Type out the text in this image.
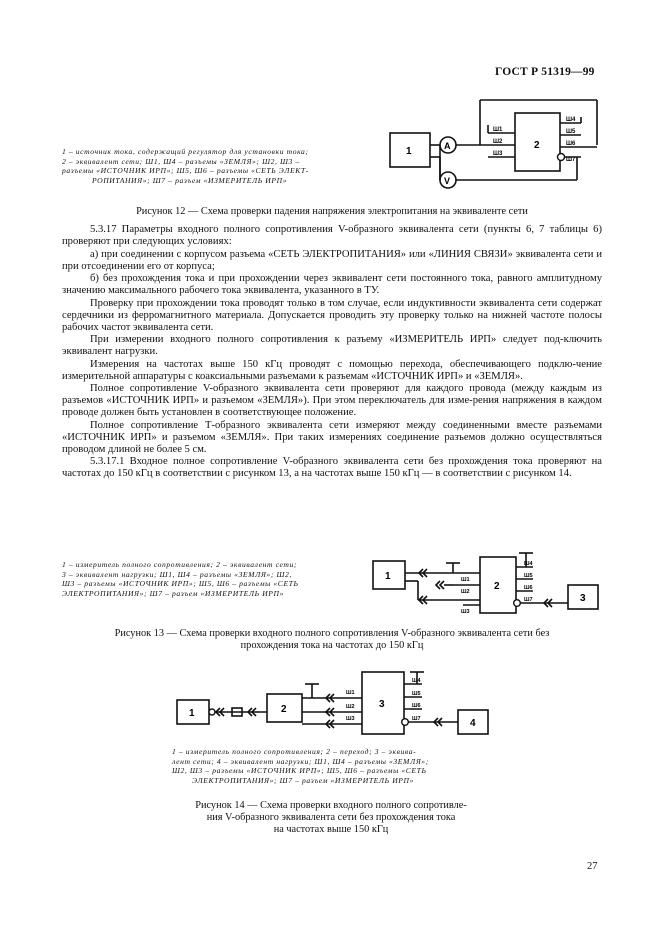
ГОСТ Р 51319—99
1 – источник тока, содержащий регулятор для установки тока;
2 – эквивалент сети; Ш1, Ш4 – разъемы «ЗЕМЛЯ»; Ш2, Ш3 –
разъемы «ИСТОЧНИК ИРП»; Ш5, Ш6 – разъемы «СЕТЬ ЭЛЕКТ-
РОПИТАНИЯ»; Ш7 – разъем «ИЗМЕРИТЕЛЬ ИРП»
1
2
A
V
Ш1
Ш2
Ш3
Ш4
Ш5
Ш6
Ш7
Рисунок 12 — Схема проверки падения напряжения электропитания на эквиваленте сети

5.3.17 Параметры входного полного сопротивления V-образного эквивалента сети (пункты 6, 7 таблицы 6) проверяют при следующих условиях:

а) при соединении с корпусом разъема «СЕТЬ ЭЛЕКТРОПИТАНИЯ» или «ЛИНИЯ СВЯЗИ» эквивалента сети и при отсоединении его от корпуса;

б) без прохождения тока и при прохождении через эквивалент сети постоянного тока, равного амплитудному значению максимального рабочего тока эквивалента, указанного в ТУ.

Проверку при прохождении тока проводят только в том случае, если индуктивности эквивалента сети содержат сердечники из ферромагнитного материала. Допускается проводить эту проверку только на нижней частоте полосы рабочих частот эквивалента сети.

При измерении входного полного сопротивления к разъему «ИЗМЕРИТЕЛЬ ИРП» следует под-ключить эквивалент нагрузки.

Измерения на частотах выше 150 кГц проводят с помощью перехода, обеспечивающего подклю-чение измерительной аппаратуры с коаксиальными разъемами к разъемам «ИСТОЧНИК ИРП» и «ЗЕМЛЯ».

Полное сопротивление V-образного эквивалента сети проверяют для каждого провода (между каждым из разъемов «ИСТОЧНИК ИРП» и разъемом «ЗЕМЛЯ»). При этом переключатель для изме-рения напряжения в каждом проводе должен быть установлен в соответствующее положение.

Полное сопротивление Т-образного эквивалента сети измеряют между соединенными вместе разъемами «ИСТОЧНИК ИРП» и разъемом «ЗЕМЛЯ». При таких измерениях соединение разъемов должно осуществляться проводом длиной не более 5 см.

5.3.17.1 Входное полное сопротивление V-образного эквивалента сети без прохождения тока проверяют на частотах до 150 кГц в соответствии с рисунком 13, а на частотах выше 150 кГц — в соответствии с рисунком 14.

1 – измеритель полного сопротивления; 2 – эквивалент сети;
3 – эквивалент нагрузки; Ш1, Ш4 – разъемы «ЗЕМЛЯ»; Ш2,
Ш3 – разъемы «ИСТОЧНИК ИРП»; Ш5, Ш6 – разъемы «СЕТЬ
ЭЛЕКТРОПИТАНИЯ»; Ш7 – разъем «ИЗМЕРИТЕЛЬ ИРП»
1
2
3
Ш1
Ш2
Ш3
Ш4
Ш5
Ш6
Ш7
Рисунок 13 — Схема проверки входного полного сопротивления V-образного эквивалента сети без
прохождения тока на частотах до 150 кГц
1	2	3
4
Ш1
Ш2
Ш3
Ш4
Ш5
Ш6
Ш7
1 – измеритель полного сопротивления; 2 – переход; 3 – эквива-
лент сети; 4 – эквивалент нагрузки; Ш1, Ш4 – разъемы «ЗЕМЛЯ»;
Ш2, Ш3 – разъемы «ИСТОЧНИК ИРП»; Ш5, Ш6 – разъемы «СЕТЬ
ЭЛЕКТРОПИТАНИЯ»; Ш7 – разъем «ИЗМЕРИТЕЛЬ ИРП»
Рисунок 14 — Схема проверки входного полного сопротивле-
ния V-образного эквивалента сети без прохождения тока
на частотах выше 150 кГц
27
